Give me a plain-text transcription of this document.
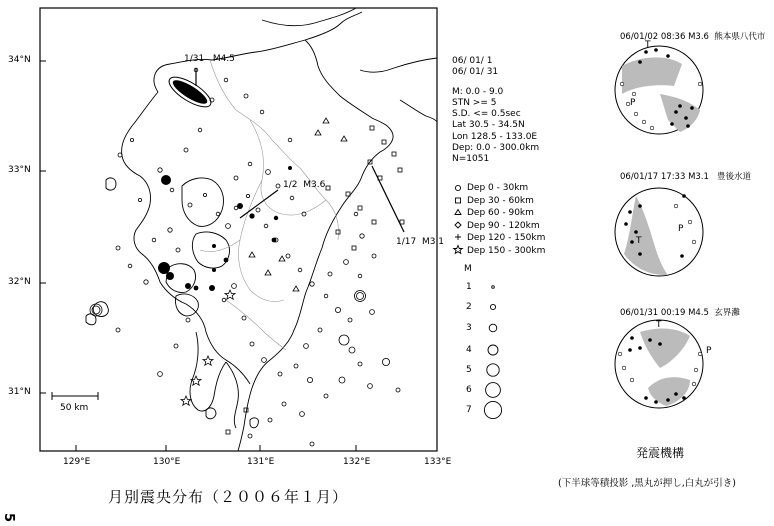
34°N
33°N
32°N
31°N
129°E	130°E	131°E	132°E	133°E
50 km
1/31 M4.5
1/2 M3.6
1/17 M3.1
06/ 01/ 1
06/ 01/ 31
M: 0.0 - 9.0
STN >= 5
S.D. <= 0.5sec
Lat 30.5 - 34.5N
Lon 128.5 - 133.0E
Dep: 0.0 - 300.0km
N=1051
Dep 0 - 30km
Dep 30 - 60km
Dep 60 - 90km
Dep 90 - 120km
Dep 120 - 150km
Dep 150 - 300km
M
1
2
3
4
5
6
7
06/01/02 08:36 M3.6 熊本県八代市
06/01/17 17:33 M3.1 豊後水道
06/01/31 00:19 M4.5 玄界灘
P
T
P
T
P
T
発震機構
(下半球等積投影 ,黒丸が押し,白丸が引き)
月別震央分布（２００６年１月）
5
